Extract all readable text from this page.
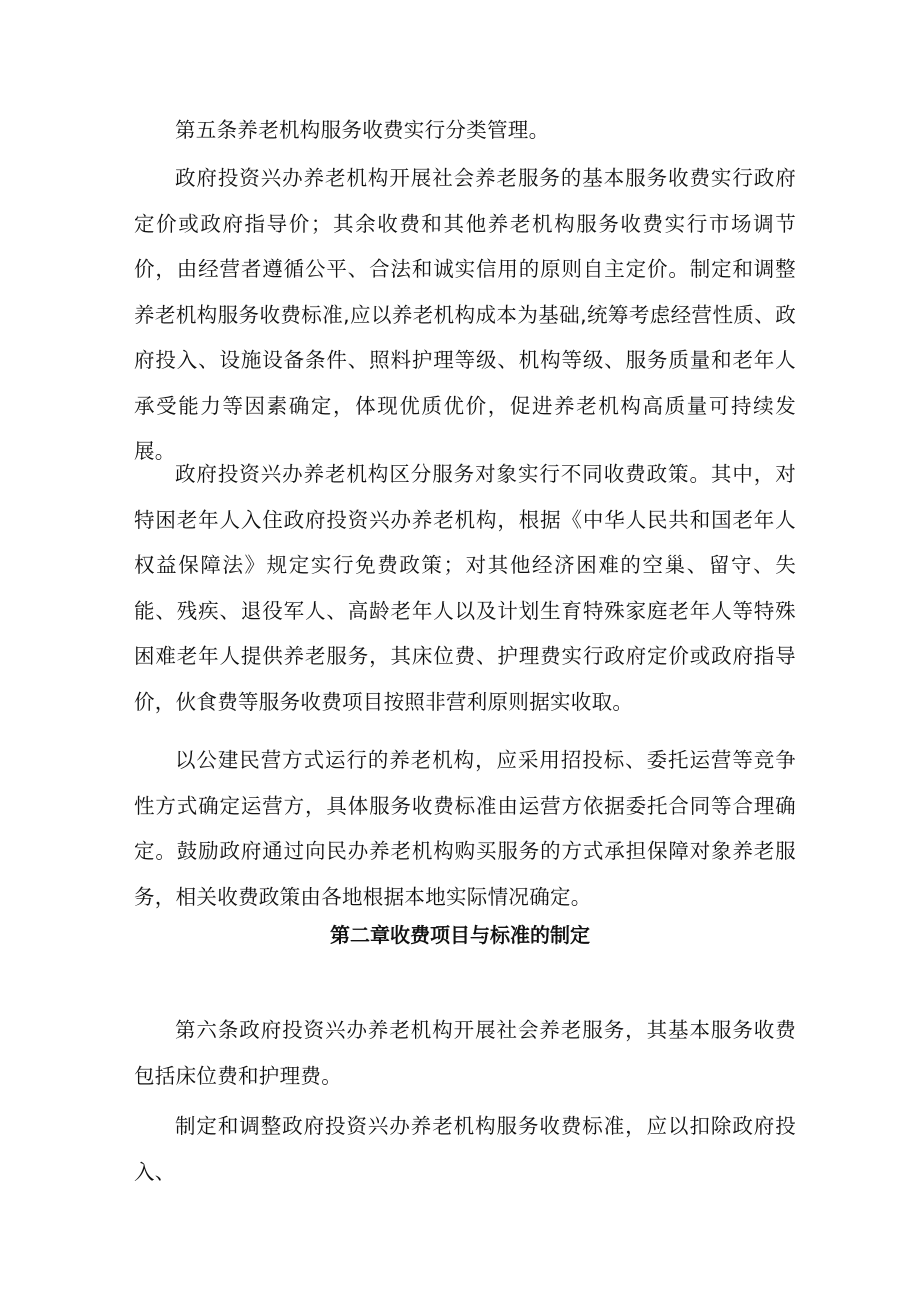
第五条养老机构服务收费实行分类管理。

政府投资兴办养老机构开展社会养老服务的基本服务收费实行政府定价或政府指导价；其余收费和其他养老机构服务收费实行市场调节价，由经营者遵循公平、合法和诚实信用的原则自主定价。制定和调整养老机构服务收费标准,应以养老机构成本为基础,统筹考虑经营性质、政府投入、设施设备条件、照料护理等级、机构等级、服务质量和老年人承受能力等因素确定，体现优质优价，促进养老机构高质量可持续发展。

政府投资兴办养老机构区分服务对象实行不同收费政策。其中，对特困老年人入住政府投资兴办养老机构，根据《中华人民共和国老年人权益保障法》规定实行免费政策；对其他经济困难的空巢、留守、失能、残疾、退役军人、高龄老年人以及计划生育特殊家庭老年人等特殊困难老年人提供养老服务，其床位费、护理费实行政府定价或政府指导价，伙食费等服务收费项目按照非营利原则据实收取。

以公建民营方式运行的养老机构，应采用招投标、委托运营等竞争性方式确定运营方，具体服务收费标准由运营方依据委托合同等合理确定。鼓励政府通过向民办养老机构购买服务的方式承担保障对象养老服务，相关收费政策由各地根据本地实际情况确定。

第二章收费项目与标准的制定

第六条政府投资兴办养老机构开展社会养老服务，其基本服务收费包括床位费和护理费。

制定和调整政府投资兴办养老机构服务收费标准，应以扣除政府投入、
